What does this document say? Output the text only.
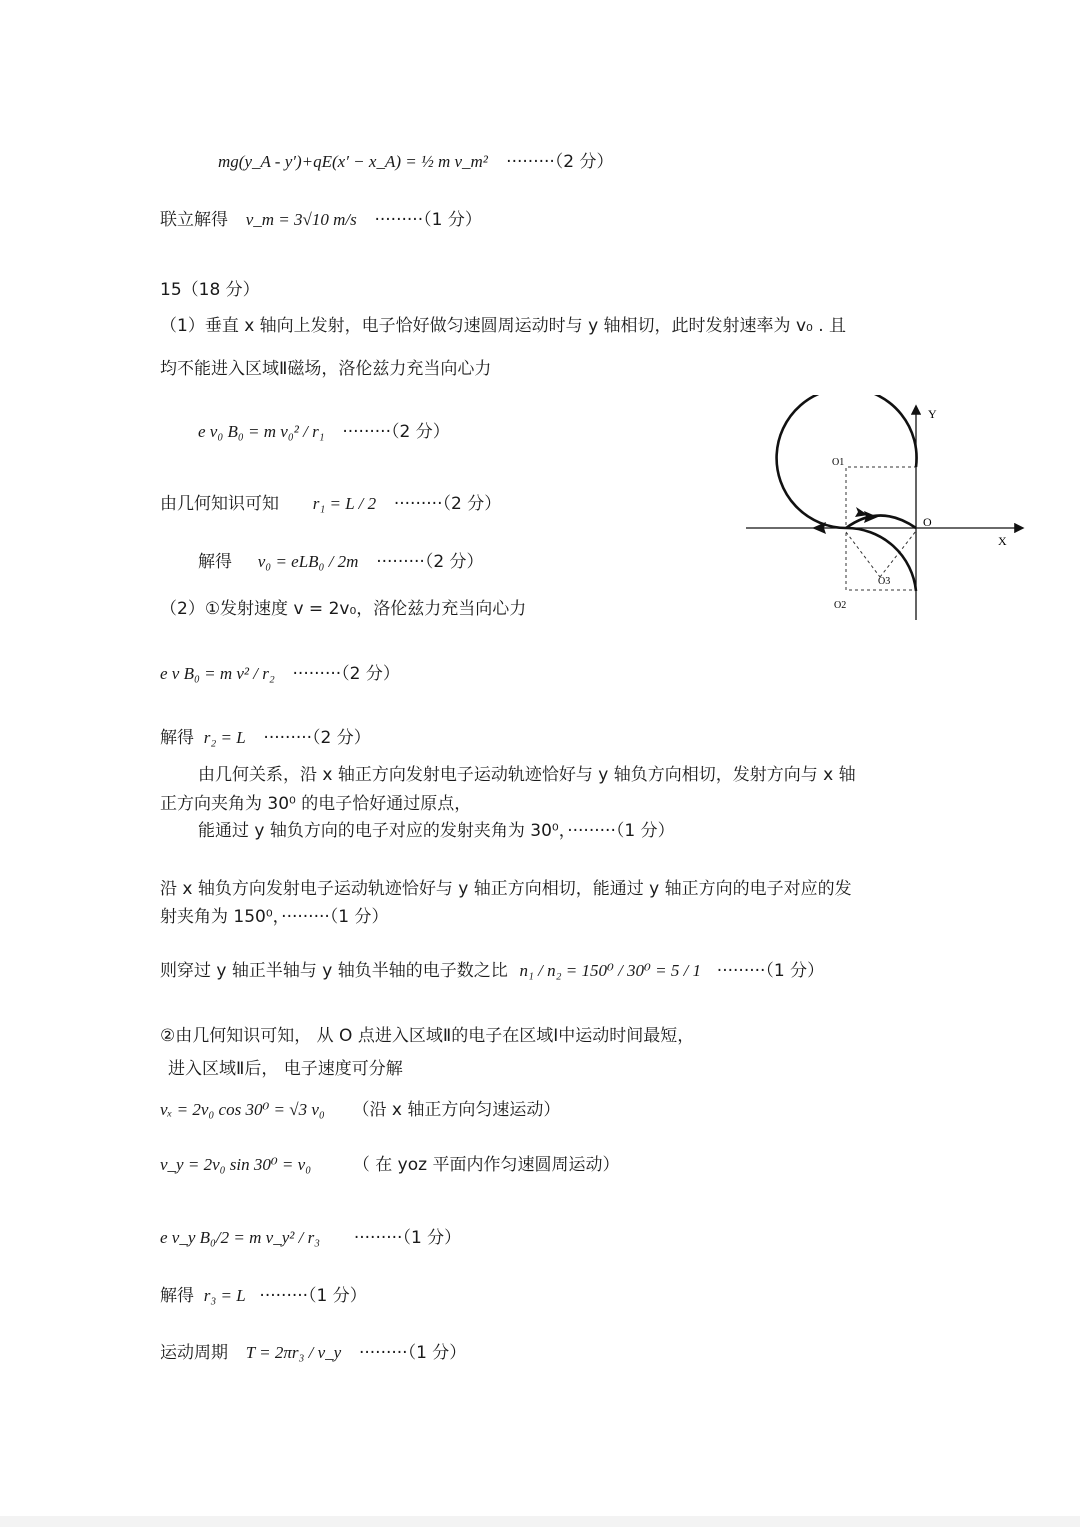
mg(y_A - y′)+qE(x′ − x_A) = ½ m v_m² ·········（2 分）
联立解得 v_m = 3√10 m/s ·········（1 分）
15（18 分）
（1）垂直 x 轴向上发射，电子恰好做匀速圆周运动时与 y 轴相切，此时发射速率为 v₀ . 且
均不能进入区域Ⅱ磁场，洛伦兹力充当向心力
e v₀ B₀ = m v₀² / r₁ ·········（2 分）
由几何知识可知 r₁ = L / 2 ·········（2 分）
解得 v₀ = eLB₀ / 2m ·········（2 分）
（2）①发射速度 v = 2v₀，洛伦兹力充当向心力
e v B₀ = m v² / r₂ ·········（2 分）
解得 r₂ = L ·········（2 分）
由几何关系，沿 x 轴正方向发射电子运动轨迹恰好与 y 轴负方向相切，发射方向与 x 轴
正方向夹角为 30⁰ 的电子恰好通过原点，
能通过 y 轴负方向的电子对应的发射夹角为 30⁰，·········（1 分）
沿 x 轴负方向发射电子运动轨迹恰好与 y 轴正方向相切，能通过 y 轴正方向的电子对应的发
射夹角为 150⁰，·········（1 分）
则穿过 y 轴正半轴与 y 轴负半轴的电子数之比 n₁ / n₂ = 150⁰ / 30⁰ = 5 / 1 ·········（1 分）
②由几何知识可知， 从 O 点进入区域Ⅱ的电子在区域Ⅰ中运动时间最短，
进入区域Ⅱ后， 电子速度可分解
vₓ = 2v₀ cos 30⁰ = √3 v₀ （沿 x 轴正方向匀速运动）
v_y = 2v₀ sin 30⁰ = v₀ （ 在 yoz 平面内作匀速圆周运动）
e v_y B₀/2 = m v_y² / r₃ ·········（1 分）
解得 r₃ = L ·········（1 分）
运动周期 T = 2πr₃ / v_y ·········（1 分）
Y
X
O
O1
O2
O3
